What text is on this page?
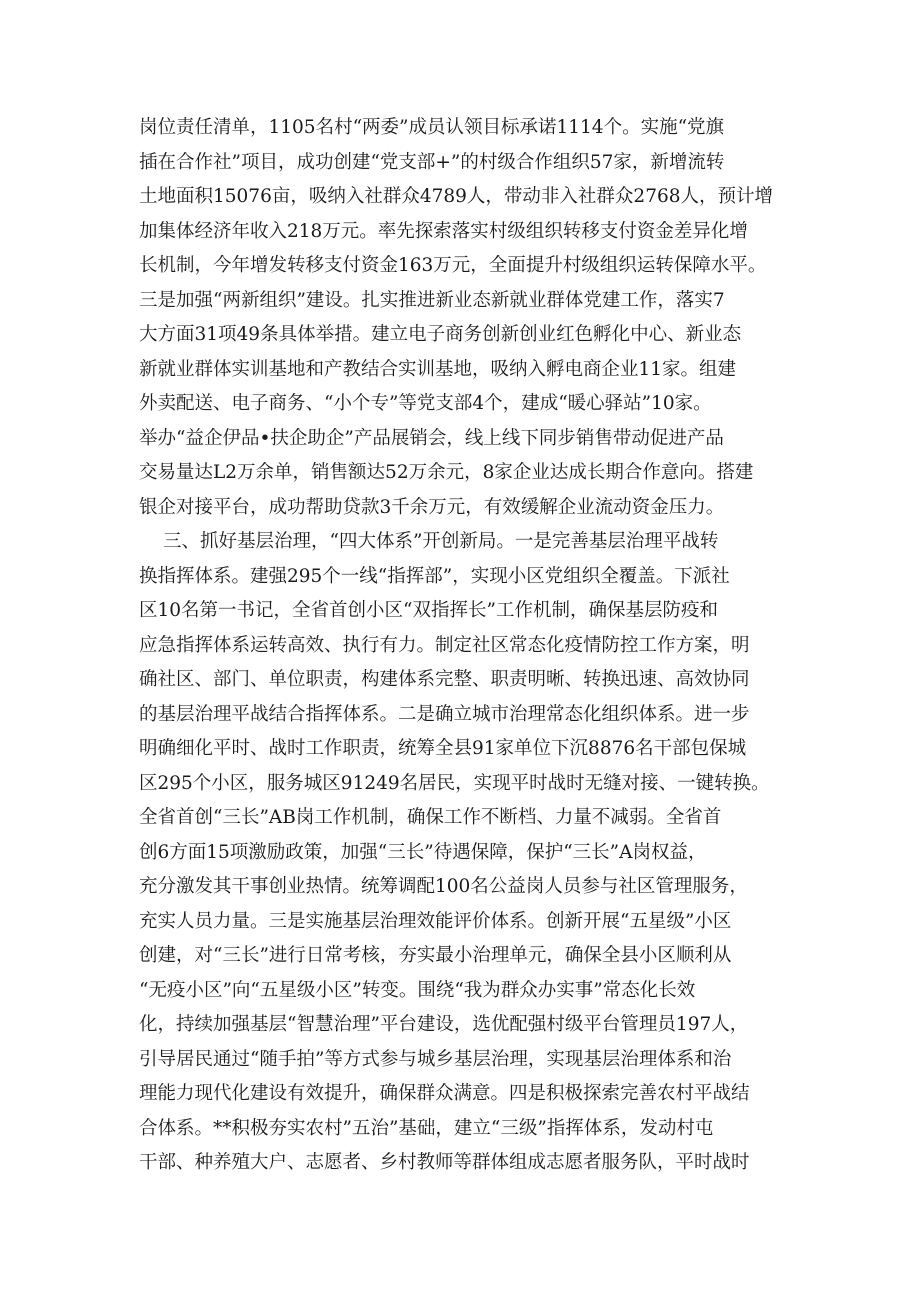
岗位责任清单，1105名村“两委”成员认领目标承诺1114个。实施“党旗
插在合作社”项目，成功创建“党支部+”的村级合作组织57家，新增流转
土地面积15076亩，吸纳入社群众4789人，带动非入社群众2768人，预计增
加集体经济年收入218万元。率先探索落实村级组织转移支付资金差异化增
长机制，今年增发转移支付资金163万元，全面提升村级组织运转保障水平。
三是加强“两新组织”建设。扎实推进新业态新就业群体党建工作，落实7
大方面31项49条具体举措。建立电子商务创新创业红色孵化中心、新业态
新就业群体实训基地和产教结合实训基地，吸纳入孵电商企业11家。组建
外卖配送、电子商务、“小个专”等党支部4个，建成“暖心驿站”10家。
举办“益企伊品•扶企助企”产品展销会，线上线下同步销售带动促进产品
交易量达L2万余单，销售额达52万余元，8家企业达成长期合作意向。搭建
银企对接平台，成功帮助贷款3千余万元，有效缓解企业流动资金压力。
三、抓好基层治理，“四大体系”开创新局。一是完善基层治理平战转
换指挥体系。建强295个一线“指挥部”，实现小区党组织全覆盖。下派社
区10名第一书记，全省首创小区“双指挥长”工作机制，确保基层防疫和
应急指挥体系运转高效、执行有力。制定社区常态化疫情防控工作方案，明
确社区、部门、单位职责，构建体系完整、职责明晰、转换迅速、高效协同
的基层治理平战结合指挥体系。二是确立城市治理常态化组织体系。进一步
明确细化平时、战时工作职责，统筹全县91家单位下沉8876名干部包保城
区295个小区，服务城区91249名居民，实现平时战时无缝对接、一键转换。
全省首创“三长”AB岗工作机制，确保工作不断档、力量不减弱。全省首
创6方面15项激励政策，加强“三长”待遇保障，保护“三长”A岗权益，
充分激发其干事创业热情。统筹调配100名公益岗人员参与社区管理服务，
充实人员力量。三是实施基层治理效能评价体系。创新开展“五星级”小区
创建，对“三长”进行日常考核，夯实最小治理单元，确保全县小区顺利从
“无疫小区”向“五星级小区”转变。围绕“我为群众办实事”常态化长效
化，持续加强基层“智慧治理”平台建设，选优配强村级平台管理员197人，
引导居民通过“随手拍”等方式参与城乡基层治理，实现基层治理体系和治
理能力现代化建设有效提升，确保群众满意。四是积极探索完善农村平战结
合体系。**积极夯实农村”五治”基础，建立“三级”指挥体系，发动村屯
干部、种养殖大户、志愿者、乡村教师等群体组成志愿者服务队，平时战时
